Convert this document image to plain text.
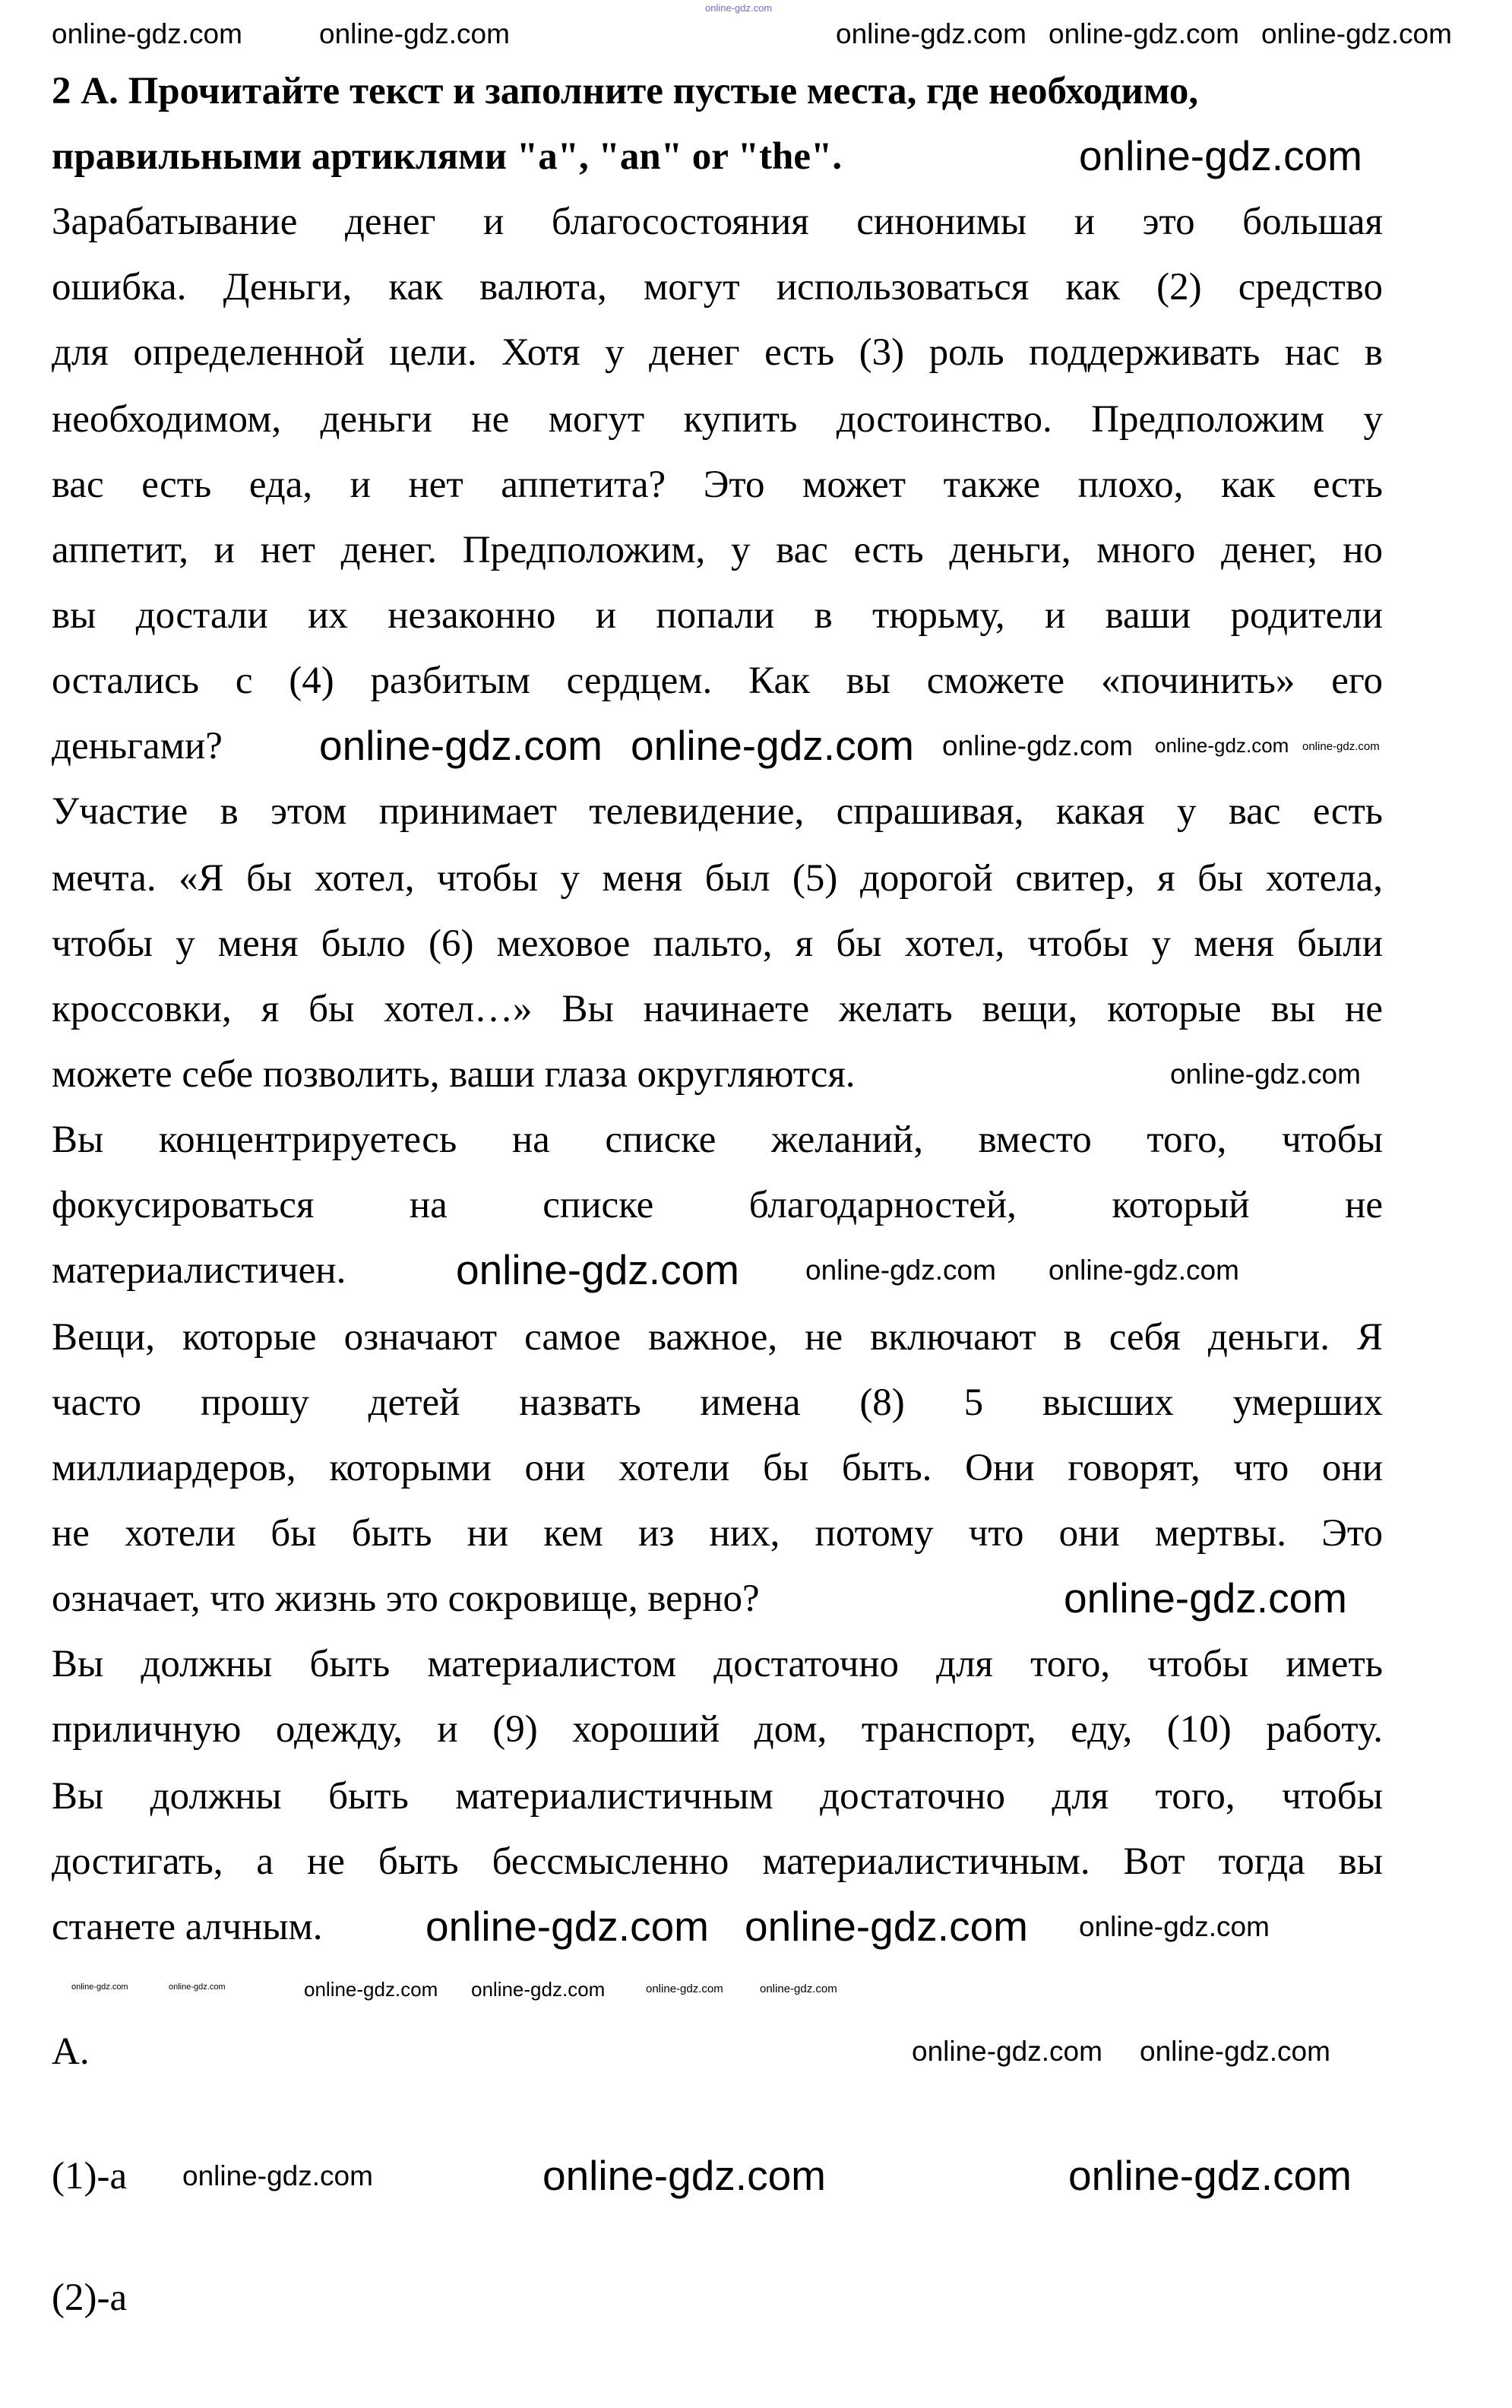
online-gdz.com
2 А. Прочитайте текст и заполните пустые места, где необходимо,
правильными артиклями "a", "an" or "the".
Зарабатывание денег и благосостояния синонимы и это большая
ошибка. Деньги, как валюта, могут использоваться как (2) средство
для определенной цели. Хотя у денег есть (3) роль поддерживать нас в
необходимом, деньги не могут купить достоинство. Предположим у
вас есть еда, и нет аппетита? Это может также плохо, как есть
аппетит, и нет денег. Предположим, у вас есть деньги, много денег, но
вы достали их незаконно и попали в тюрьму, и ваши родители
остались с (4) разбитым сердцем. Как вы сможете «починить» его
деньгами?
Участие в этом принимает телевидение, спрашивая, какая у вас есть
мечта. «Я бы хотел, чтобы у меня был (5) дорогой свитер, я бы хотела,
чтобы у меня было (6) меховое пальто, я бы хотел, чтобы у меня были
кроссовки, я бы хотел…» Вы начинаете желать вещи, которые вы не
можете себе позволить, ваши глаза округляются.
Вы концентрируетесь на списке желаний, вместо того, чтобы
фокусироваться на списке благодарностей, который не
материалистичен.
Вещи, которые означают самое важное, не включают в себя деньги. Я
часто прошу детей назвать имена (8) 5 высших умерших
миллиардеров, которыми они хотели бы быть. Они говорят, что они
не хотели бы быть ни кем из них, потому что они мертвы. Это
означает, что жизнь это сокровище, верно?
Вы должны быть материалистом достаточно для того, чтобы иметь
приличную одежду, и (9) хороший дом, транспорт, еду, (10) работу.
Вы должны быть материалистичным достаточно для того, чтобы
достигать, а не быть бессмысленно материалистичным. Вот тогда вы
станете алчным.
A.
(1)-a
(2)-a
online-gdz.com	online-gdz.com	online-gdz.com online-gdz.com online-gdz.com
online-gdz.com
online-gdz.com online-gdz.com online-gdz.com online-gdz.com online-gdz.com
online-gdz.com
online-gdz.com online-gdz.com online-gdz.com
online-gdz.com
online-gdz.com online-gdz.com online-gdz.com
online-gdz.com	online-gdz.com	online-gdz.com online-gdz.com	online-gdz.com	online-gdz.com
online-gdz.com online-gdz.com
online-gdz.com	online-gdz.com	online-gdz.com
